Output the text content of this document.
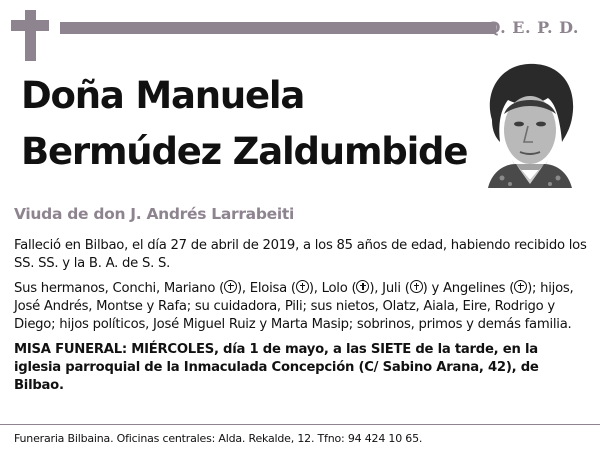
Q. E. P. D.
Doña Manuela
Bermúdez Zaldumbide
Viuda de don J. Andrés Larrabeiti

Falleció en Bilbao, el día 27 de abril de 2019, a los 85 años de edad, habiendo recibido los SS. SS. y la B. A. de S. S.

Sus hermanos, Conchi, Mariano ( ), Eloisa ( ), Lolo ( ), Juli ( ) y Angelines ( ); hijos, José Andrés, Montse y Rafa; su cuidadora, Pili; sus nietos, Olatz, Aiala, Eire, Rodrigo y Diego; hijos políticos, José Miguel Ruiz y Marta Masip; sobrinos, primos y demás familia.

MISA FUNERAL: MIÉRCOLES, día 1 de mayo, a las SIETE de la tarde, en la iglesia parroquial de la Inmaculada Concepción (C/ Sabino Arana, 42), de Bilbao.

Funeraria Bilbaina. Oficinas centrales: Alda. Rekalde, 12. Tfno: 94 424 10 65.
